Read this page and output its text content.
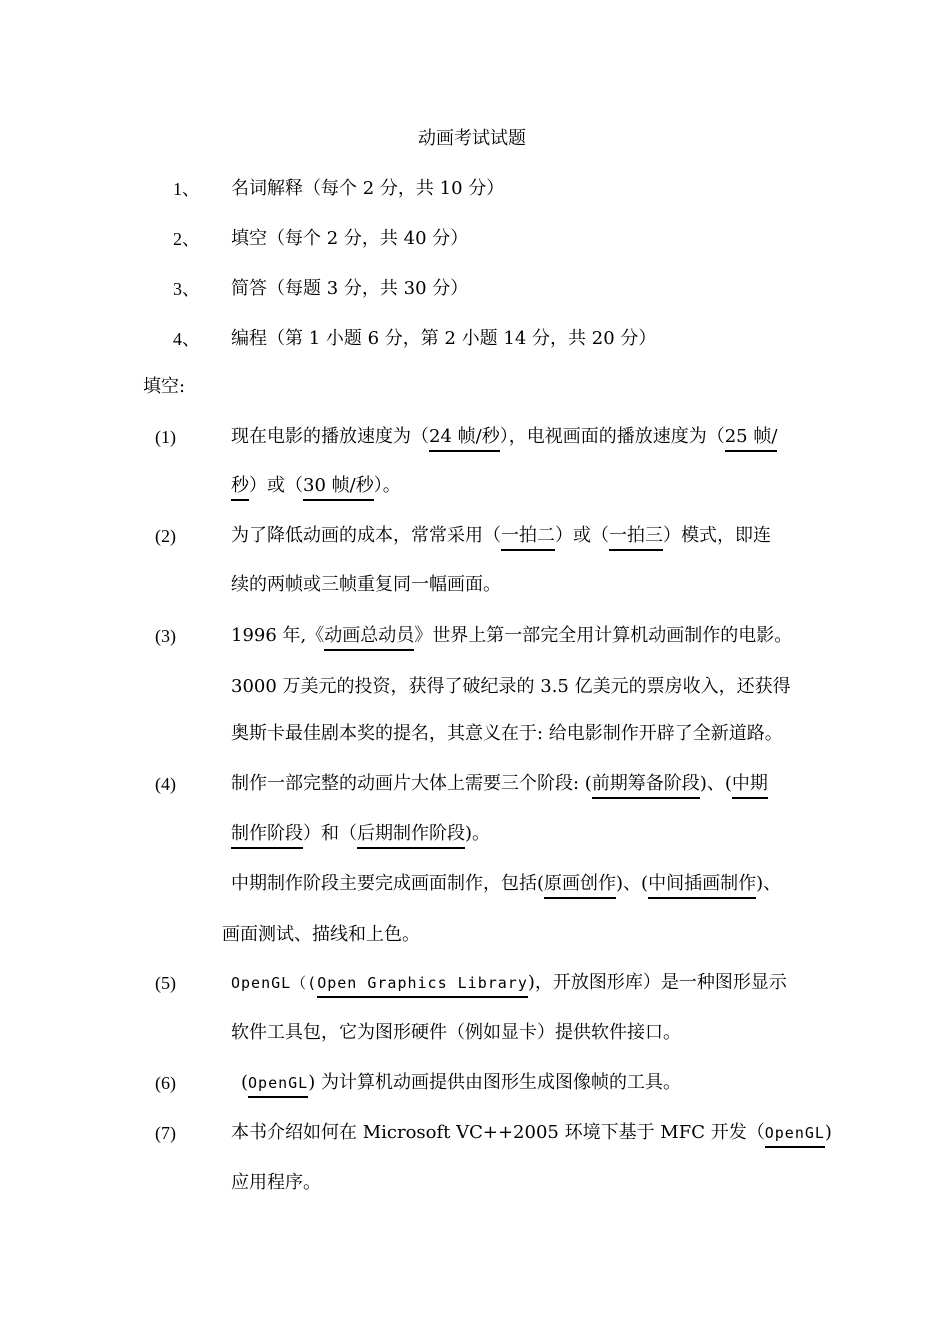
动画考试试题
1、 名词解释（每个 2 分，共 10 分）
2、 填空（每个 2 分，共 40 分）
3、 简答（每题 3 分，共 30 分）
4、 编程（第 1 小题 6 分，第 2 小题 14 分，共 20 分）
填空:
(1)	现在电影的播放速度为（24 帧/秒），电视画面的播放速度为（25 帧/
秒）或（30 帧/秒）。
(2)	为了降低动画的成本，常常采用（一拍二）或（一拍三）模式，即连
续的两帧或三帧重复同一幅画面。
(3)	1996 年,《动画总动员》世界上第一部完全用计算机动画制作的电影。
3000 万美元的投资，获得了破纪录的 3.5 亿美元的票房收入，还获得
奥斯卡最佳剧本奖的提名，其意义在于: 给电影制作开辟了全新道路。
(4)	制作一部完整的动画片大体上需要三个阶段: (前期筹备阶段)、(中期
制作阶段）和（后期制作阶段)。
中期制作阶段主要完成画面制作，包括(原画创作)、(中间插画制作)、
画面测试、描线和上色。
(5)	OpenGL（(Open Graphics Library)，开放图形库）是一种图形显示
软件工具包，它为图形硬件（例如显卡）提供软件接口。
(6)	(OpenGL) 为计算机动画提供由图形生成图像帧的工具。
(7)	本书介绍如何在 Microsoft VC++2005 环境下基于 MFC 开发（OpenGL)
应用程序。
